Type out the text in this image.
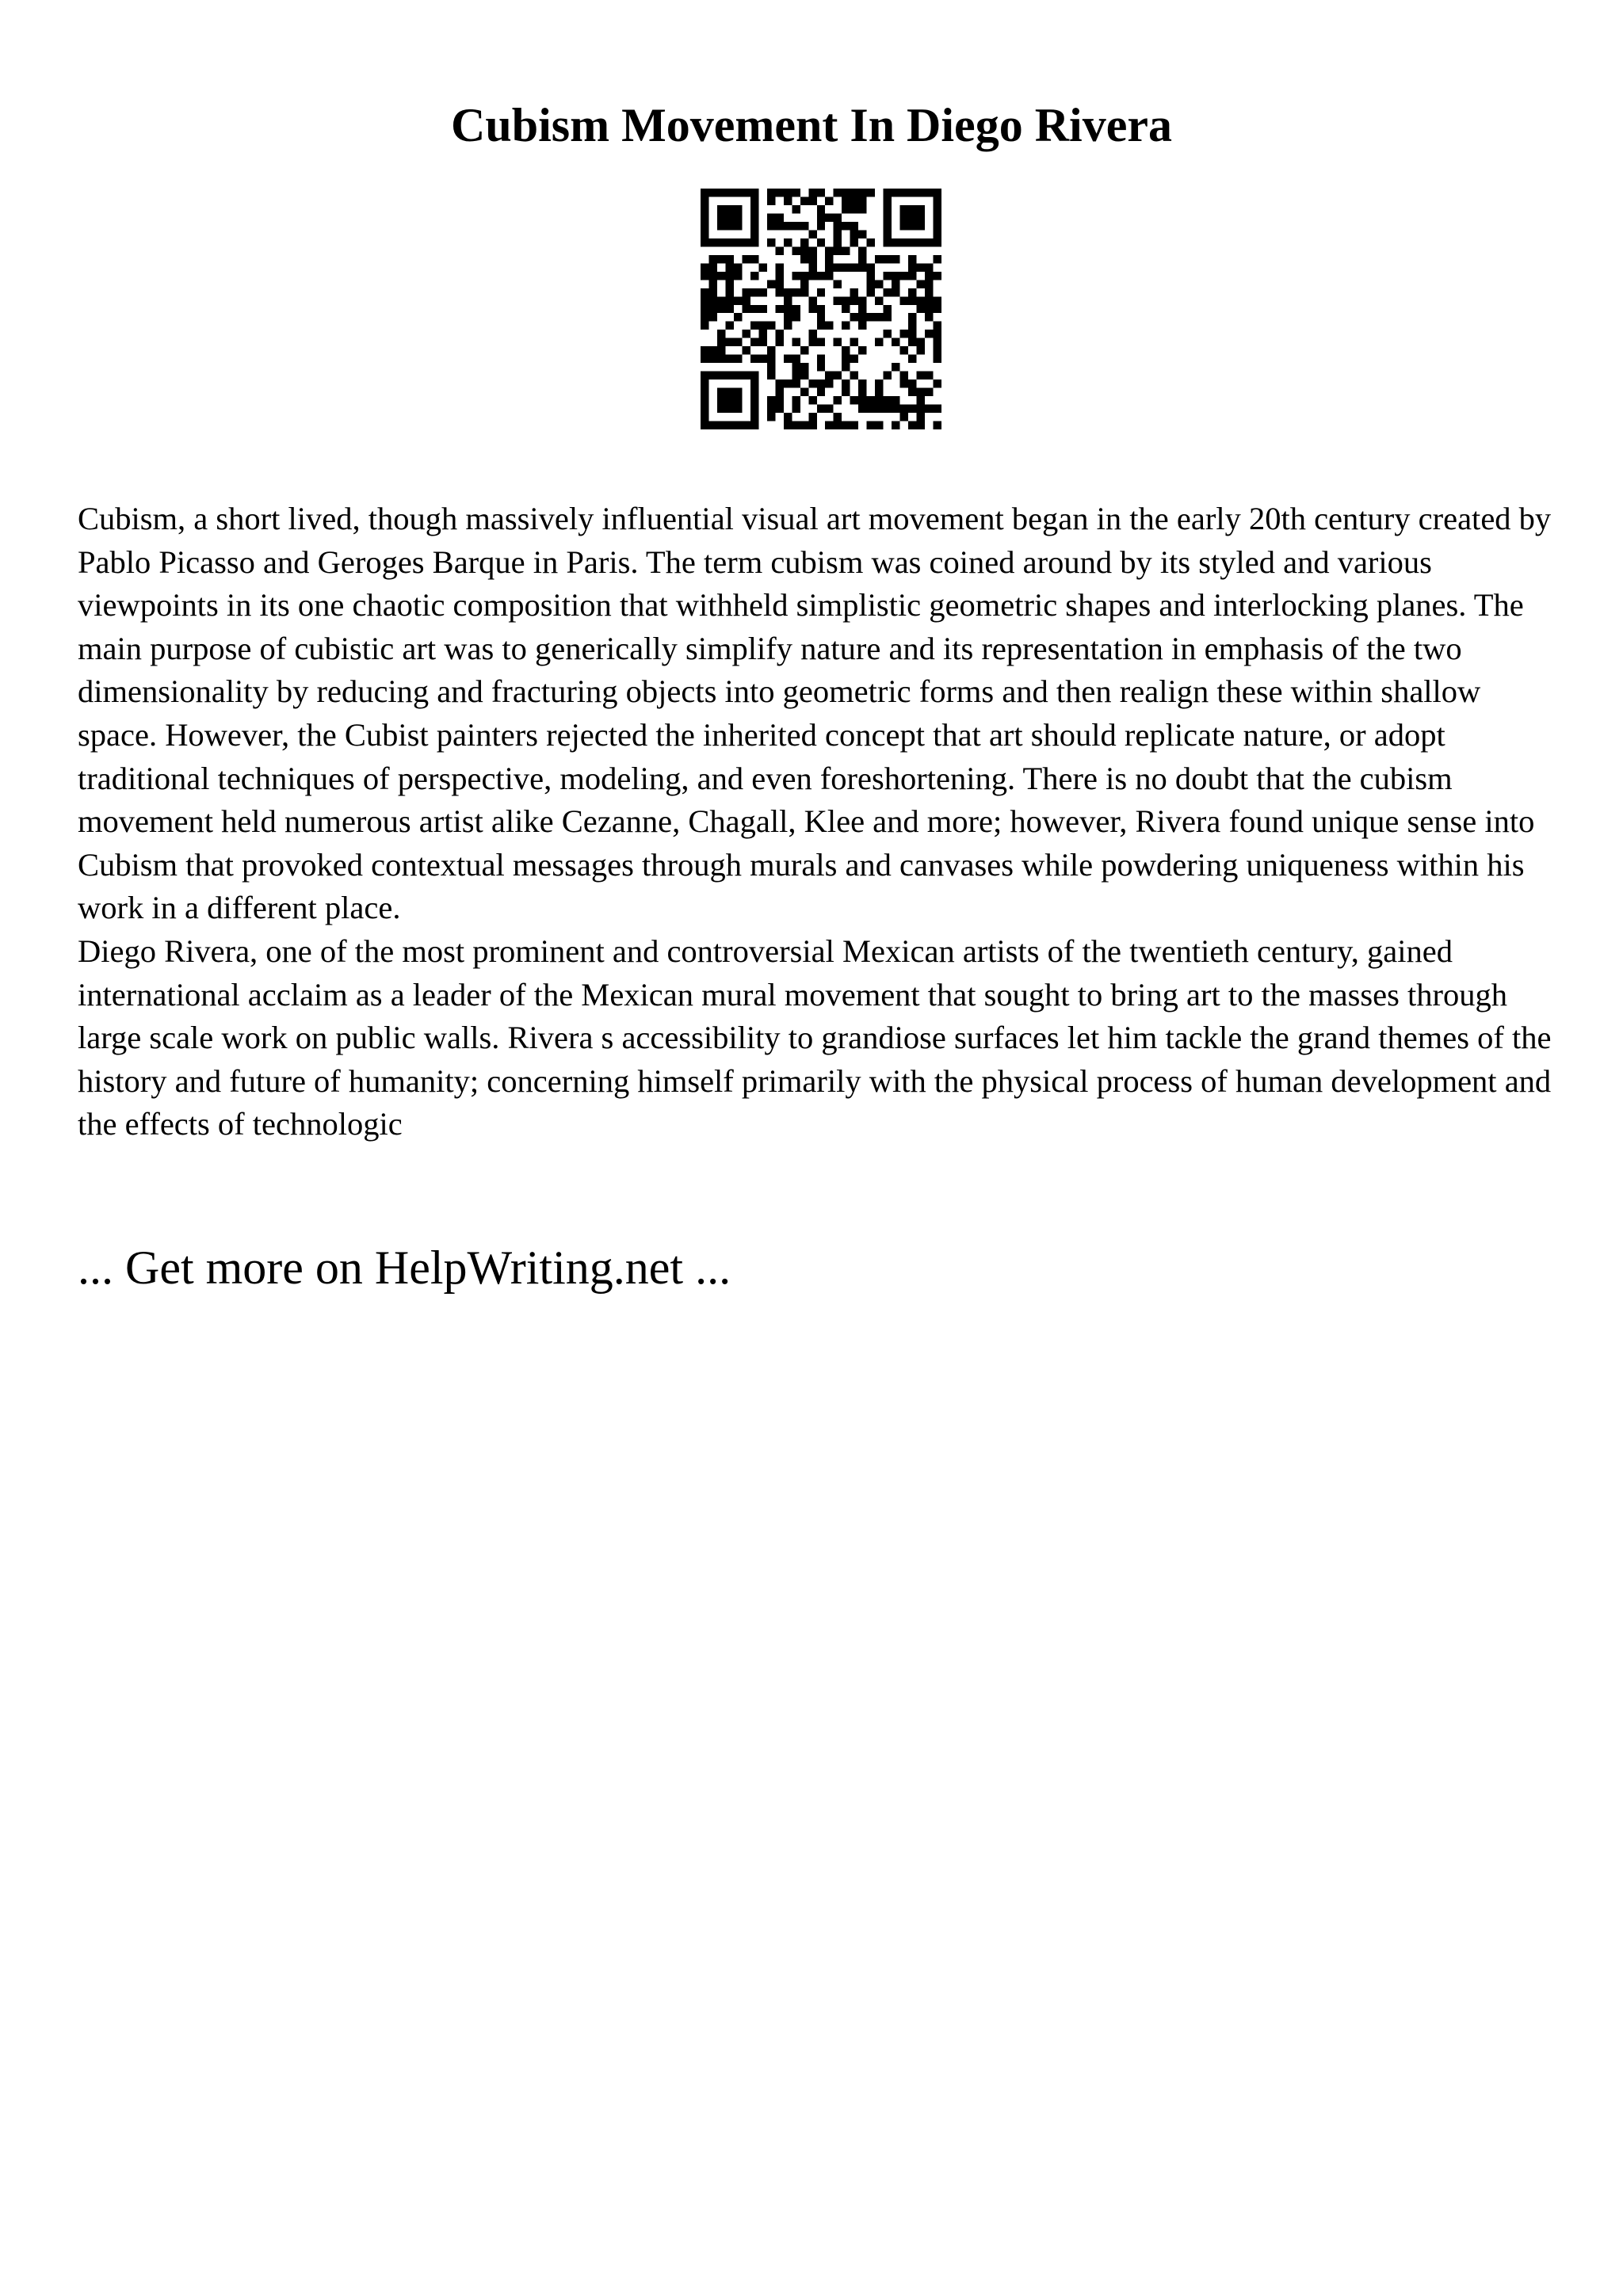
Cubism Movement In Diego Rivera

Cubism, a short lived, though massively influential visual art movement began in the early 20th century created by Pablo Picasso and Geroges Barque in Paris. The term cubism was coined around by its styled and various viewpoints in its one chaotic composition that withheld simplistic geometric shapes and interlocking planes. The main purpose of cubistic art was to generically simplify nature and its representation in emphasis of the two dimensionality by reducing and fracturing objects into geometric forms and then realign these within shallow space. However, the Cubist painters rejected the inherited concept that art should replicate nature, or adopt traditional techniques of perspective, modeling, and even foreshortening. There is no doubt that the cubism movement held numerous artist alike Cezanne, Chagall, Klee and more; however, Rivera found unique sense into Cubism that provoked contextual messages through murals and canvases while powdering uniqueness within his work in a different place.

Diego Rivera, one of the most prominent and controversial Mexican artists of the twentieth century, gained international acclaim as a leader of the Mexican mural movement that sought to bring art to the masses through large scale work on public walls. Rivera s accessibility to grandiose surfaces let him tackle the grand themes of the history and future of humanity; concerning himself primarily with the physical process of human development and the effects of technologic

... Get more on HelpWriting.net ...
